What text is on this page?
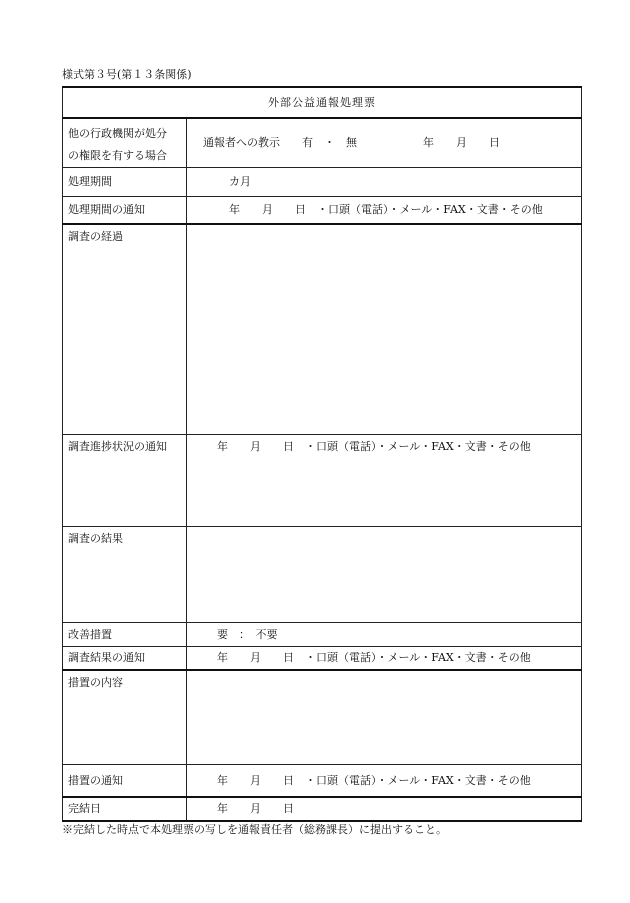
様式第３号(第１３条関係)
外部公益通報処理票	

他の行政機関が処分
の権限を有する場合	通報者への教示　　有　・　無　　　　　　年　　月　　日

処理期間	カ月

処理期間の通知	年　　月　　日　・口頭（電話）・メール・FAX・文書・その他

調査の経過	

調査進捗状況の通知	年　　月　　日　・口頭（電話）・メール・FAX・文書・その他

調査の結果	

改善措置	要　：　不要

調査結果の通知	年　　月　　日　・口頭（電話）・メール・FAX・文書・その他

措置の内容	

措置の通知	年　　月　　日　・口頭（電話）・メール・FAX・文書・その他

完結日	年　　月　　日
※完結した時点で本処理票の写しを通報責任者（総務課長）に提出すること。
